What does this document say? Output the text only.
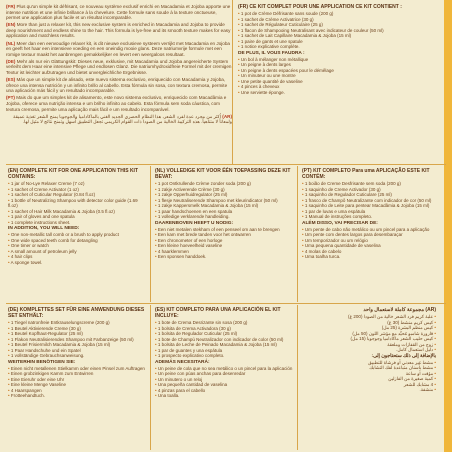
(FR) Plus qu'un simple kit défrisant, ce nouveau système exclusif enrichi en Macadamia et Jojoba apporte une intense nutrition et une infinie brillance à la chevelure. Cette formule sans soude à la texture onctueuse, permet une application plus facile et un résultat incomparable.

(EN) More than just a relaxer kit, this new exclusive system is enriched in Macadamia and Jojoba to provide deep nourishment and endless shine to the hair. This formula is lye-free and its smooth texture makes for easy application and matchless results.

(NL) Meer dan een eenvoudige relaxer kit, is dit nieuwe exclusieve systeem verrijkt met Macadamia en Jojoba en geeft het haar een intensieve voeding en een oneindig mooie glans. Deze natriumvrije formule met een romige textuur maakt het aanbrengen gemakkelijker en levert een weergaloos resultaat.

(DE) Mehr als nur ein Glättungskit: Dieses neue, exklusive, mit Macadamia und Jojoba angereicherte System verleiht dem Haar eine intensive Pflege und endlosen Glanz. Die natriumhydroxidfreie Formel mit der cremigen Textur ist leichter aufzutragen und bietet unvergleichliche Ergebnisse.

(ES) Más que un simple kit de alisado, este nuevo sistema exclusivo, enriquecido con Macadamia y Jojoba, ofrece una intensa nutrición y un infinito brillo al cabello. Esta fórmula sin sosa, con textura cremosa, permite una aplicación más fácil y un resultado incomparable.

(PT) Mais do que um simples kit de alisamento, este novo sistema exclusivo, enriquecido com Macadâmia e Jojoba, oferece uma nutrição intensa e um brilho infinito ao cabelo. Esta fórmula sem soda cáustica, com textura cremosa, permite uma aplicação mais fácil e um resultado incomparável.

AR) أكثر من مجرد عدة لفرد الشعر، هذا النظام الحصري الجديد الغني بالماكاداميا والجوجوبا يمنح الشعر تغذية عميقة ولمعاناً لا متناهياً. هذه التركيبة الخالية من الصودا ذات القوام الكريمي تجعل التطبيق أسهل وتمنح نتائج لا مثيل لها.

(FR) CE KIT COMPLET POUR UNE APPLICATION CE KIT CONTIENT :
• 1 pot de Crème Défrisante sans soude (200 g)
• 1 sachet de Crème Activatrice (30 g)
• 1 sachet de Régulateur Cuticulaire (25 g)
• 1 flacon de Shampooing Neutralisant avec indicateur de couleur (50 ml)
• 1 sachet de Lait Capillaire Macadamia & Jojoba (15 ml)
• 1 paire de gants et une spatule
• 1 notice explicative complète.
DE PLUS, IL VOUS FAUDRA :
• Un bol à mélanger non métallique
• Un peigne à dents larges
• Un peigne à dents espacées pour le démêlage
• Un minuteur ou une montre
• Une petite quantité de vaseline
• 4 pinces à cheveux
• Une serviette éponge.
(EN) COMPLETE KIT FOR ONE APPLICATION THIS KIT CONTAINS:
• 1 jar of No-Lye Relaxer Creme (7 oz)
• 1 sachet of Creme Activator (1 oz)
• 1 sachet of Cuticular Regulator (0.84 fl.oz)
• 1 bottle of Neutralizing Shampoo with detector color guide (1.69 fl.oz)
• 1 sachet of Hair Milk Macadamia & Jojoba (0.5 fl.oz)
• 1 pair of gloves and one spatula
• 1 complete instructions sheet.
IN ADDITION, YOU WILL NEED:
• One non-metallic tall comb or a brush to apply product
• One wide spaced teeth comb for detangling
• One timer or watch
• A small amount of petroleum jelly
• 4 hair clips
• A sponge towel.
(NL) VOLLEDIGE KIT VOOR ÉÉN TOEPASSING DEZE KIT BEVAT:
• 1 pot Ontkrullende Crème zonder soda (200 g)
• 1 zakje Activerende Crème (30 g)
• 1 zakje Opperhuidregulator (25 ml)
• 1 flesje Neutraliserende Shampoo met kleurindicator (50 ml)
• 1 zakje Kappersmelk Macadamia & Jojoba (15 ml)
• 1 paar handschoenen en een spatula
• 1 volledige verklarende handleiding.
DAARENBOVEN HEEFT U NODIG:
• Een niet metalen stekham of een penseel om aan te brengen
• Een kam met brede tanden voor het ontwarren
• Een chronometer of een horloge
• Een kleine hoeveelheid vaseline
• 4 haarklemmen
• Een sponsen handdoek.
(PT) KIT COMPLETO Para uma APLICAÇÃO ESTE KIT CONTÉM:
• 1 boião de Creme Desfrisante sem soda (200 g)
• 1 saquinho de Creme Activador (30 g)
• 1 saquinho de Regulador Cuticulare (25 ml)
• 1 frasco de Champô Neutralizante com indicador de cor (50 ml)
• 1 saquinho de Leite para pentear Macadâmia & Jojoba (15 ml)
• 1 par de luvas e uma espátula
• 1 Manual de instruções completo.
ALÉM DISSO, VAI PRECISAR DE:
• Um pente de cabo não metálico ou um pincel para a aplicação
• Um pente com dentes largos para desembaraçar
• Um temporizador ou um relógio
• Uma pequena quantidade de vaselina
• 4 molas de cabelo
• Uma toalha turca.
(DE) KOMPLETTES SET FÜR EINE ANWENDUNG DIESES SET ENTHÄLT:
• 1 Tiegel natronfreie Entkrauselungscreme (200 g)
• 1 Beutel Aktivierende Creme (30 g)
• 1 Beutel Kopfhaut-Regulator (25 ml)
• 1 Flakon Neutralisierendes Shampoo mit Farbanzeige (50 ml)
• 1 Beutel Frisiermilch Macadamia & Jojoba (15 ml)
• 1 Paar Handschuhe und ein Spatel
• 1 vollständige Gebrauchsanweisung.
WEITERHIN BENÖTIGEN SIE:
• Einen nicht metallenen Stielkamm oder einen Pinsel zum Auftragen
• Einen grobzinkigen Kamm zum Entwirren
• Eine Eieruhr oder eine Uhr
• Eine kleine Menge Vaseline
• 4 Haarspangen
• Frotteehandtuch.
(ES) KIT COMPLETO PARA UNA APLICACIÓN EL KIT INCLUYE:
• 1 bote de Crema Desrizante sin sosa (200 g)
• 1 bolsita de Crema Activadora (30 g)
• 1 bolsita de Regulador Cuticular (25 ml)
• 1 bote de Champú Neutralizador con indicador de color (50 ml)
• 1 bolsita de Leche de Peinado Macadamia & Jojoba (15 ml)
• 1 par de guantes y una espátula
• 1 prospecto explicativo completo.
ADEMÁS NECESITARÁ:
• Un peine de cola que no sea metálico o un pincel para la aplicación
• Un peine con púas anchas para desenredar
• Un minutero o un reloj
• Una pequeña cantidad de vaselina
• 4 pinzas para el cabello
• Una toalla.
(AR) مجموعة كاملة لاستعمال واحد
• علبة كريم فرد الشعر خالية من الصودا (200 غ)
• كيس كريم منشط (30 غ)
• كيس منظم البشرة (25 مل)
• قارورة شامبو مُحيِّد مع مؤشر اللون (50 مل)
• كيس حليب الشعر ماكاداميا وجوجوبا (15 مل)
• زوج من القفازات وملعقة
• دليل استعمال كامل.
بالإضافة إلى ذلك ستحتاجون إلى:
• مشط غير معدني أو فرشاة للتطبيق
• مشط بأسنان متباعدة لفك التشابك
• مؤقت أو ساعة
• كمية صغيرة من الفازلين
• 4 مشابك للشعر
• منشفة.
